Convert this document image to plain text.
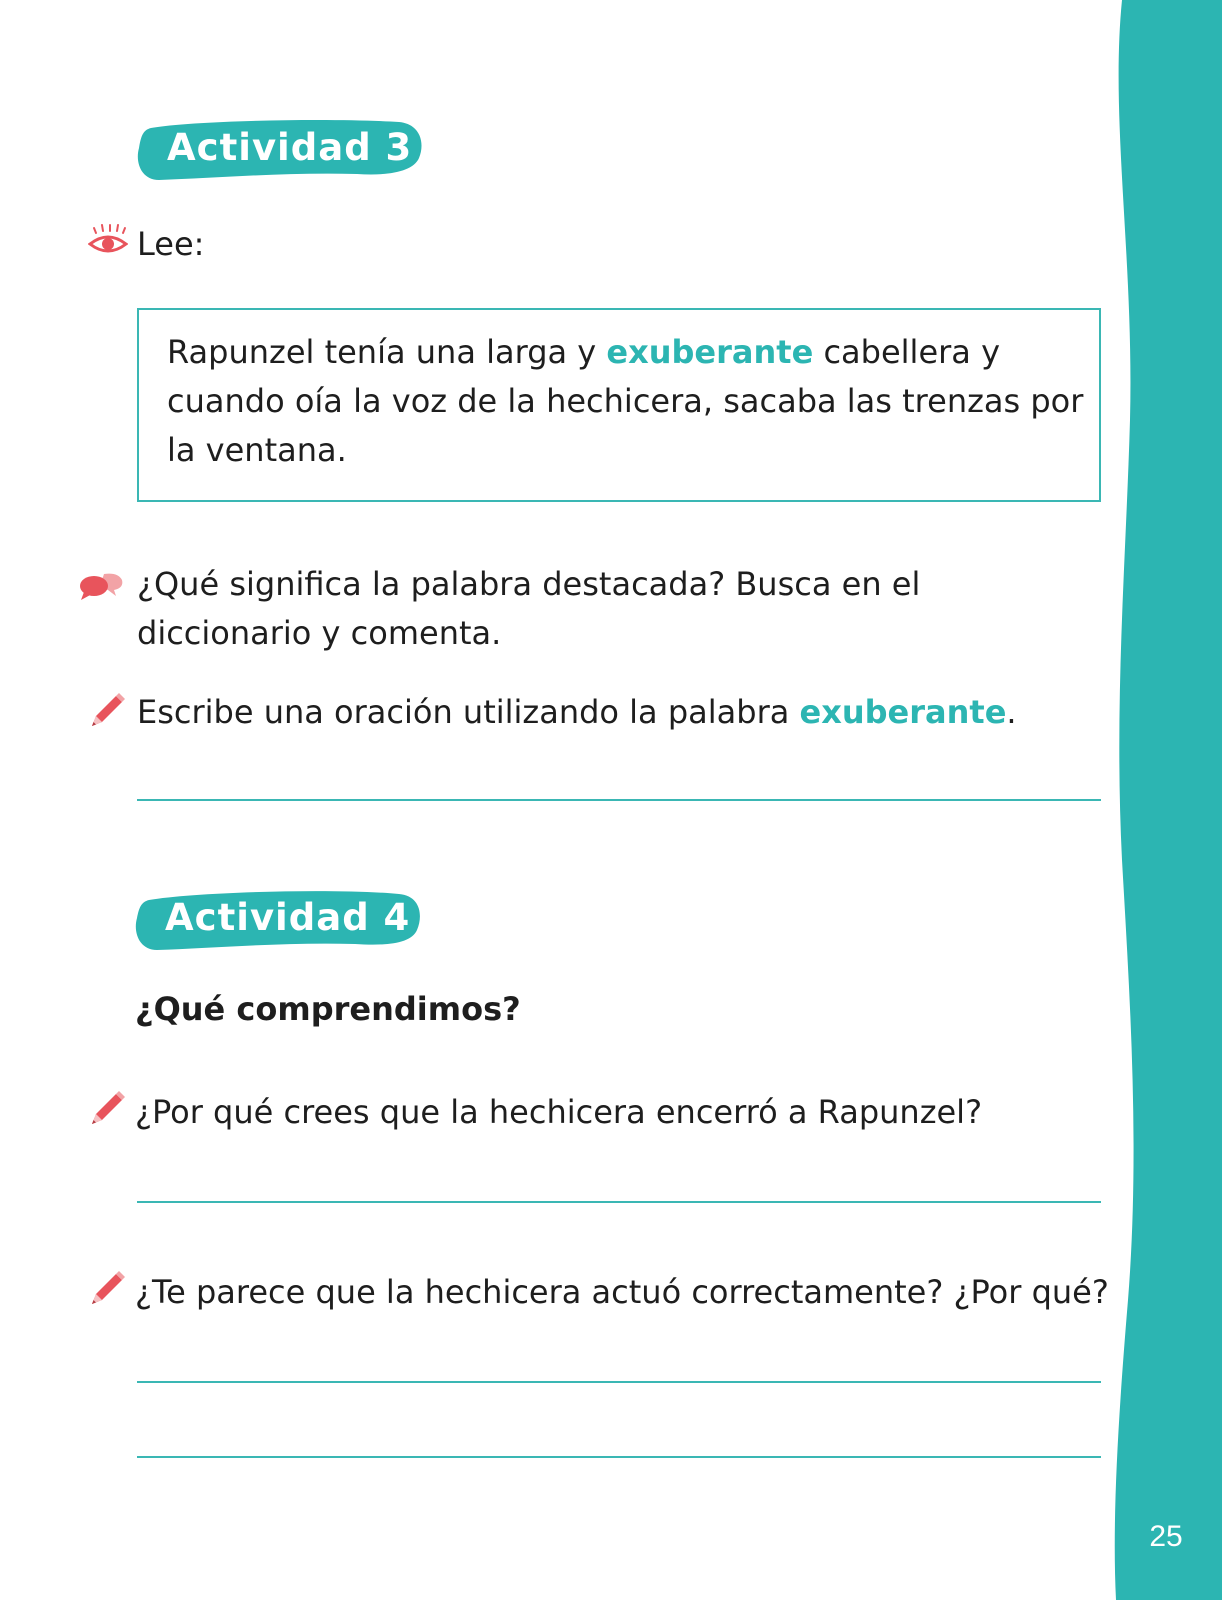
25
Actividad 3
Lee:
Rapunzel tenía una larga y exuberante cabellera y
cuando oía la voz de la hechicera, sacaba las trenzas por
la ventana.
¿Qué significa la palabra destacada? Busca en el
diccionario y comenta.
Escribe una oración utilizando la palabra exuberante.
Actividad 4
¿Qué comprendimos?
¿Por qué crees que la hechicera encerró a Rapunzel?
¿Te parece que la hechicera actuó correctamente? ¿Por qué?
